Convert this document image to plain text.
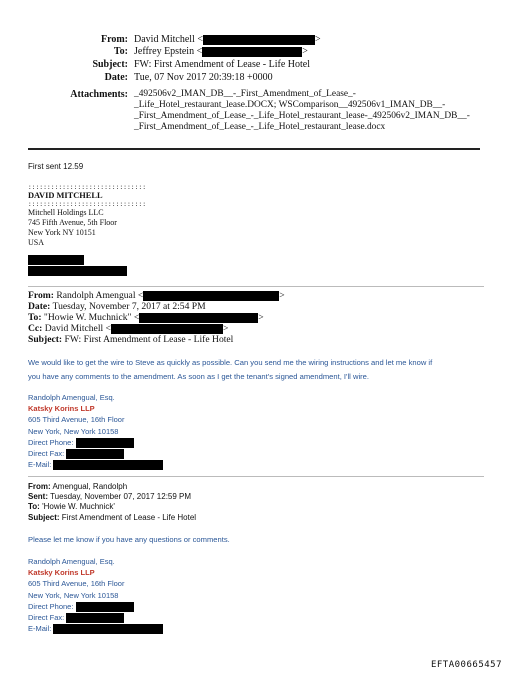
From: David Mitchell <	>
To: Jeffrey Epstein <	>
Subject: FW: First Amendment of Lease - Life Hotel
Date: Tue, 07 Nov 2017 20:39:18 +0000
Attachments: _492506v2_IMAN_DB__-_First_Amendment_of_Lease_-
_Life_Hotel_restaurant_lease.DOCX; WSComparison__492506v1_IMAN_DB__-
_First_Amendment_of_Lease_-_Life_Hotel_restaurant_lease-_492506v2_IMAN_DB__-
_First_Amendment_of_Lease_-_Life_Hotel_restaurant_lease.docx
First sent 12.59
:::::::::::::::::::::::::::::::
DAVID MITCHELL
:::::::::::::::::::::::::::::::
Mitchell Holdings LLC
745 Fifth Avenue, 5th Floor
New York NY 10151
USA
From: Randolph Amengual <	>
Date: Tuesday, November 7, 2017 at 2:54 PM
To: "Howie W. Muchnick" <	>
Cc: David Mitchell <	>
Subject: FW: First Amendment of Lease - Life Hotel
We would like to get the wire to Steve as quickly as possible. Can you send me the wiring instructions and let me know if
you have any comments to the amendment. As soon as I get the tenant's signed amendment, I'll wire.
Randolph Amengual, Esq.
Katsky Korins LLP
605 Third Avenue, 16th Floor
New York, New York 10158
Direct Phone:
Direct Fax:
E-Mail:
From: Amengual, Randolph
Sent: Tuesday, November 07, 2017 12:59 PM
To: 'Howie W. Muchnick'
Subject: First Amendment of Lease - Life Hotel
Please let me know if you have any questions or comments.
Randolph Amengual, Esq.
Katsky Korins LLP
605 Third Avenue, 16th Floor
New York, New York 10158
Direct Phone:
Direct Fax:
E-Mail:
EFTA00665457
